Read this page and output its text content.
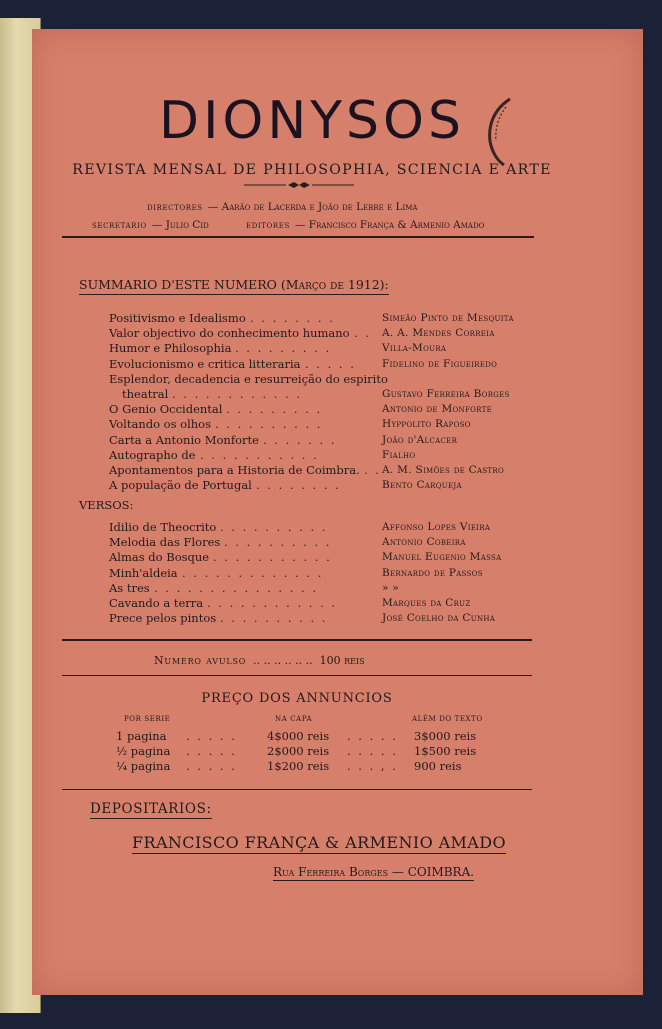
DIONYSOS
REVISTA MENSAL DE PHILOSOPHIA, SCIENCIA E ARTE
DIRECTORES — Aarão de Lacerda e João de Lebre e Lima
SECRETARIO — Julio Cid	EDITORES — Francisco França & Armenio Amado
SUMMARIO D'ESTE NUMERO (Março de 1912):
Positivismo e Idealismo . . . . . . . .	Simeão Pinto de Mesquita
Valor objectivo do conhecimento humano . . A. A. Mendes Correia
Humor e Philosophia . . . . . . . . .	Villa-Moura
Evolucionismo e critica litteraria . . . . . Fidelino de Figueiredo
Esplendor, decadencia e resurreição do espirito
theatral . . . . . . . . . . . .	Gustavo Ferreira Borges
O Genio Occidental . . . . . . . . .	Antonio de Monforte
Voltando os olhos . . . . . . . . . .	Hyppolito Raposo
Carta a Antonio Monforte . . . . . . .	João d'Alcacer
Autographo de . . . . . . . . . . .	Fialho
Apontamentos para a Historia de Coimbra. . . A. M. Simões de Castro
A população de Portugal . . . . . . . .	Bento Carqueja
VERSOS:
Idilio de Theocrito . . . . . . . . . .	Affonso Lopes Vieira
Melodia das Flores . . . . . . . . . .	Antonio Cobeira
Almas do Bosque . . . . . . . . . . .	Manuel Eugenio Massa
Minh'aldeia . . . . . . . . . . . . .	Bernardo de Passos
As tres . . . . . . . . . . . . . . .	» »
Cavando a terra . . . . . . . . . . . .	Marques da Cruz
Prece pelos pintos . . . . . . . . . .	José Coelho da Cunha
Numero avulso .. .. .. .. .. .. 100 reis
PREÇO DOS ANNUNCIOS
POR SERIE	NA CAPA	ALÉM DO TEXTO
1 pagina . . . . .	4$000 reis . . . . . 3$000 reis
½ pagina . . . . .	2$000 reis . . . . . 1$500 reis
¼ pagina . . . . .	1$200 reis . . . , . 900 reis
DEPOSITARIOS:
FRANCISCO FRANÇA & ARMENIO AMADO
Rua Ferreira Borges — COIMBRA.
